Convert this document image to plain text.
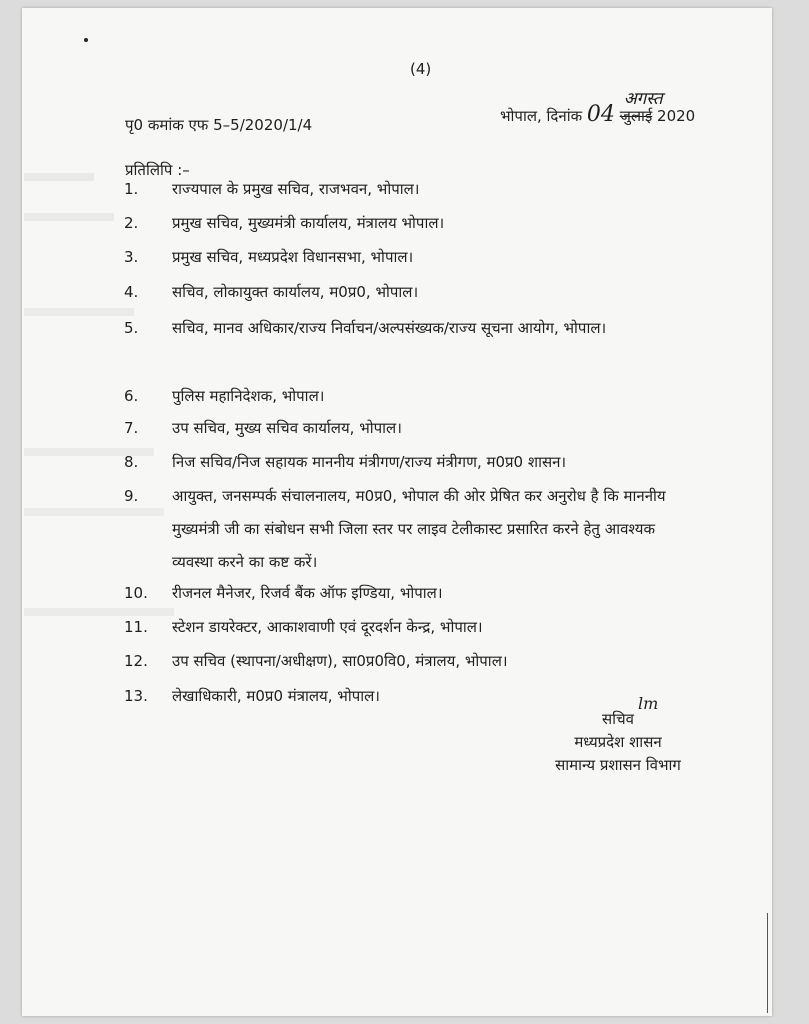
(4)
पृ0 कमांक एफ 5–5/2020/1/4	भोपाल, दिनांक 04
अगस्त
जुलाई 2020
प्रतिलिपि :–
1.	राज्यपाल के प्रमुख सचिव, राजभवन, भोपाल।
2.	प्रमुख सचिव, मुख्यमंत्री कार्यालय, मंत्रालय भोपाल।
3.	प्रमुख सचिव, मध्यप्रदेश विधानसभा, भोपाल।
4.	सचिव, लोकायुक्त कार्यालय, म0प्र0, भोपाल।
5.	सचिव, मानव अधिकार/राज्य निर्वाचन/अल्पसंख्यक/राज्य सूचना आयोग, भोपाल।
6.	पुलिस महानिदेशक, भोपाल।
7.	उप सचिव, मुख्य सचिव कार्यालय, भोपाल।
8.	निज सचिव/निज सहायक माननीय मंत्रीगण/राज्य मंत्रीगण, म0प्र0 शासन।
9.	आयुक्त, जनसम्पर्क संचालनालय, म0प्र0, भोपाल की ओर प्रेषित कर अनुरोध है कि माननीय मुख्यमंत्री जी का संबोधन सभी जिला स्तर पर लाइव टेलीकास्ट प्रसारित करने हेतु आवश्यक व्यवस्था करने का कष्ट करें।
10.	रीजनल मैनेजर, रिजर्व बैंक ऑफ इण्डिया, भोपाल।
11.	स्टेशन डायरेक्टर, आकाशवाणी एवं दूरदर्शन केन्द्र, भोपाल।
12.	उप सचिव (स्थापना/अधीक्षण), सा0प्र0वि0, मंत्रालय, भोपाल।
13.	लेखाधिकारी, म0प्र0 मंत्रालय, भोपाल।	lm
सचिव
मध्यप्रदेश शासन
सामान्य प्रशासन विभाग
